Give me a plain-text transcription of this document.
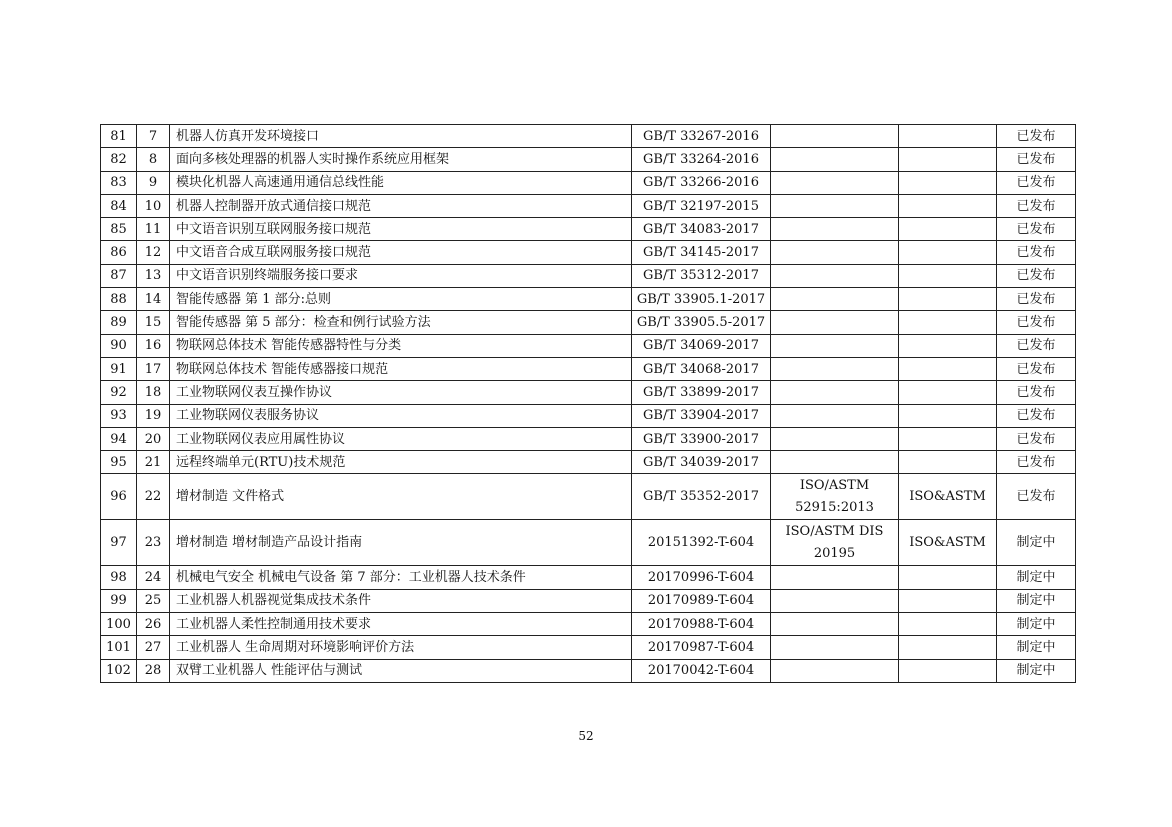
81	7	机器人仿真开发环境接口	GB/T 33267-2016			已发布
82	8	面向多核处理器的机器人实时操作系统应用框架	GB/T 33264-2016			已发布
83	9	模块化机器人高速通用通信总线性能	GB/T 33266-2016			已发布
84	10	机器人控制器开放式通信接口规范	GB/T 32197-2015			已发布
85	11	中文语音识别互联网服务接口规范	GB/T 34083-2017			已发布
86	12	中文语音合成互联网服务接口规范	GB/T 34145-2017			已发布
87	13	中文语音识别终端服务接口要求	GB/T 35312-2017			已发布
88	14	智能传感器 第 1 部分:总则	GB/T 33905.1-2017			已发布
89	15	智能传感器 第 5 部分：检查和例行试验方法	GB/T 33905.5-2017			已发布
90	16	物联网总体技术 智能传感器特性与分类	GB/T 34069-2017			已发布
91	17	物联网总体技术 智能传感器接口规范	GB/T 34068-2017			已发布
92	18	工业物联网仪表互操作协议	GB/T 33899-2017			已发布
93	19	工业物联网仪表服务协议	GB/T 33904-2017			已发布
94	20	工业物联网仪表应用属性协议	GB/T 33900-2017			已发布
95	21	远程终端单元(RTU)技术规范	GB/T 34039-2017			已发布
96	22	增材制造 文件格式	GB/T 35352-2017	ISO/ASTM 52915:2013	ISO&ASTM	已发布
97	23	增材制造 增材制造产品设计指南	20151392-T-604	ISO/ASTM DIS 20195	ISO&ASTM	制定中
98	24	机械电气安全 机械电气设备 第 7 部分：工业机器人技术条件	20170996-T-604			制定中
99	25	工业机器人机器视觉集成技术条件	20170989-T-604			制定中
100	26	工业机器人柔性控制通用技术要求	20170988-T-604			制定中
101	27	工业机器人 生命周期对环境影响评价方法	20170987-T-604			制定中
102	28	双臂工业机器人 性能评估与测试	20170042-T-604			制定中
52
